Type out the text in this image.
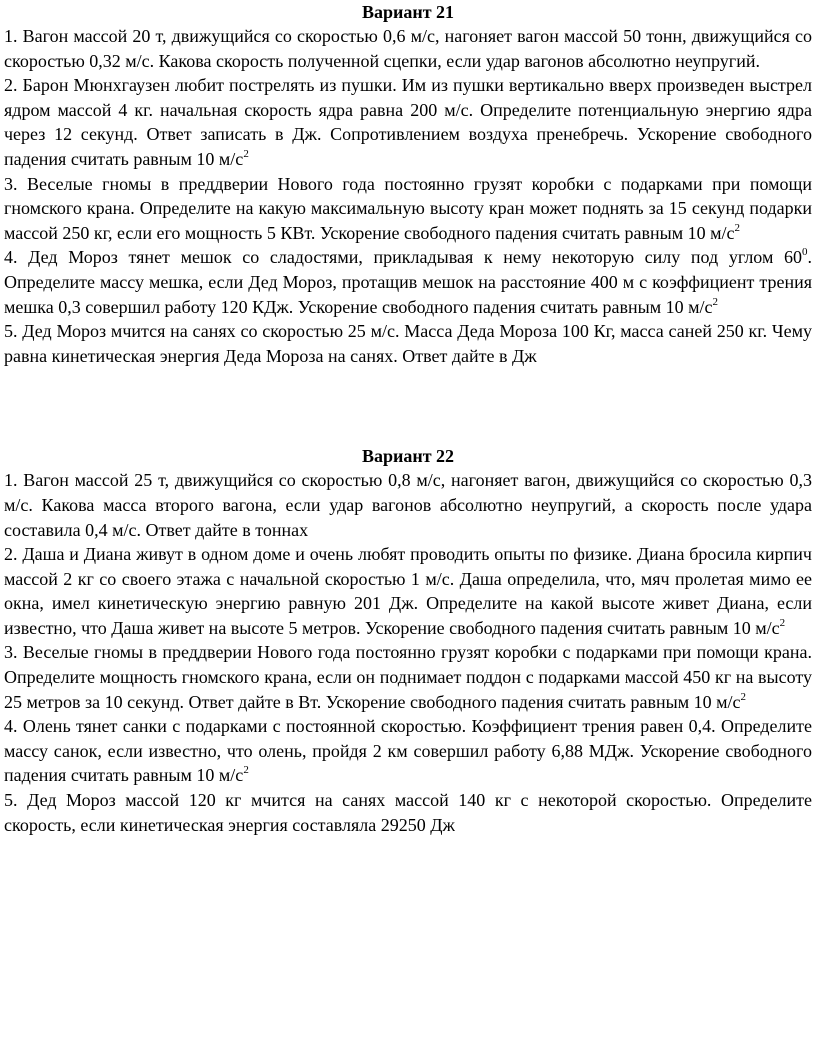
Вариант 21

1. Вагон массой 20 т, движущийся со скоростью 0,6 м/с, нагоняет вагон массой 50 тонн, движущийся со скоростью 0,32 м/с. Какова скорость полученной сцепки, если удар вагонов абсолютно неупругий.

2. Барон Мюнхгаузен любит пострелять из пушки. Им из пушки вертикально вверх произведен выстрел ядром массой 4 кг. начальная скорость ядра равна 200 м/с. Определите потенциальную энергию ядра через 12 секунд. Ответ записать в Дж. Сопротивлением воздуха пренебречь. Ускорение свободного падения считать равным 10 $м/с^2$

3. Веселые гномы в преддверии Нового года постоянно грузят коробки с подарками при помощи гномского крана. Определите на какую максимальную высоту кран может поднять за 15 секунд подарки массой 250 кг, если его мощность 5 КВт. Ускорение свободного падения считать равным 10 $м/с^2$

4. Дед Мороз тянет мешок со сладостями, прикладывая к нему некоторую силу под углом $60^0$. Определите массу мешка, если Дед Мороз, протащив мешок на расстояние 400 м с коэффициент трения мешка 0,3 совершил работу 120 КДж. Ускорение свободного падения считать равным 10 $м/с^2$

5. Дед Мороз мчится на санях со скоростью 25 м/с. Масса Деда Мороза 100 Кг, масса саней 250 кг. Чему равна кинетическая энергия Деда Мороза на санях. Ответ дайте в Дж

Вариант 22

1. Вагон массой 25 т, движущийся со скоростью 0,8 м/с, нагоняет вагон, движущийся со скоростью 0,3 м/с. Какова масса второго вагона, если удар вагонов абсолютно неупругий, а скорость после удара составила 0,4 м/с. Ответ дайте в тоннах

2. Даша и Диана живут в одном доме и очень любят проводить опыты по физике. Диана бросила кирпич массой 2 кг со своего этажа с начальной скоростью 1 м/с. Даша определила, что, мяч пролетая мимо ее окна, имел кинетическую энергию равную 201 Дж. Определите на какой высоте живет Диана, если известно, что Даша живет на высоте 5 метров. Ускорение свободного падения считать равным 10 $м/с^2$

3. Веселые гномы в преддверии Нового года постоянно грузят коробки с подарками при помощи крана. Определите мощность гномского крана, если он поднимает поддон с подарками массой 450 кг на высоту 25 метров за 10 секунд. Ответ дайте в Вт. Ускорение свободного падения считать равным 10 $м/с^2$

4. Олень тянет санки с подарками с постоянной скоростью. Коэффициент трения равен 0,4. Определите массу санок, если известно, что олень, пройдя 2 км совершил работу 6,88 МДж. Ускорение свободного падения считать равным 10 $м/с^2$

5. Дед Мороз массой 120 кг мчится на санях массой 140 кг с некоторой скоростью. Определите скорость, если кинетическая энергия составляла 29250 Дж
